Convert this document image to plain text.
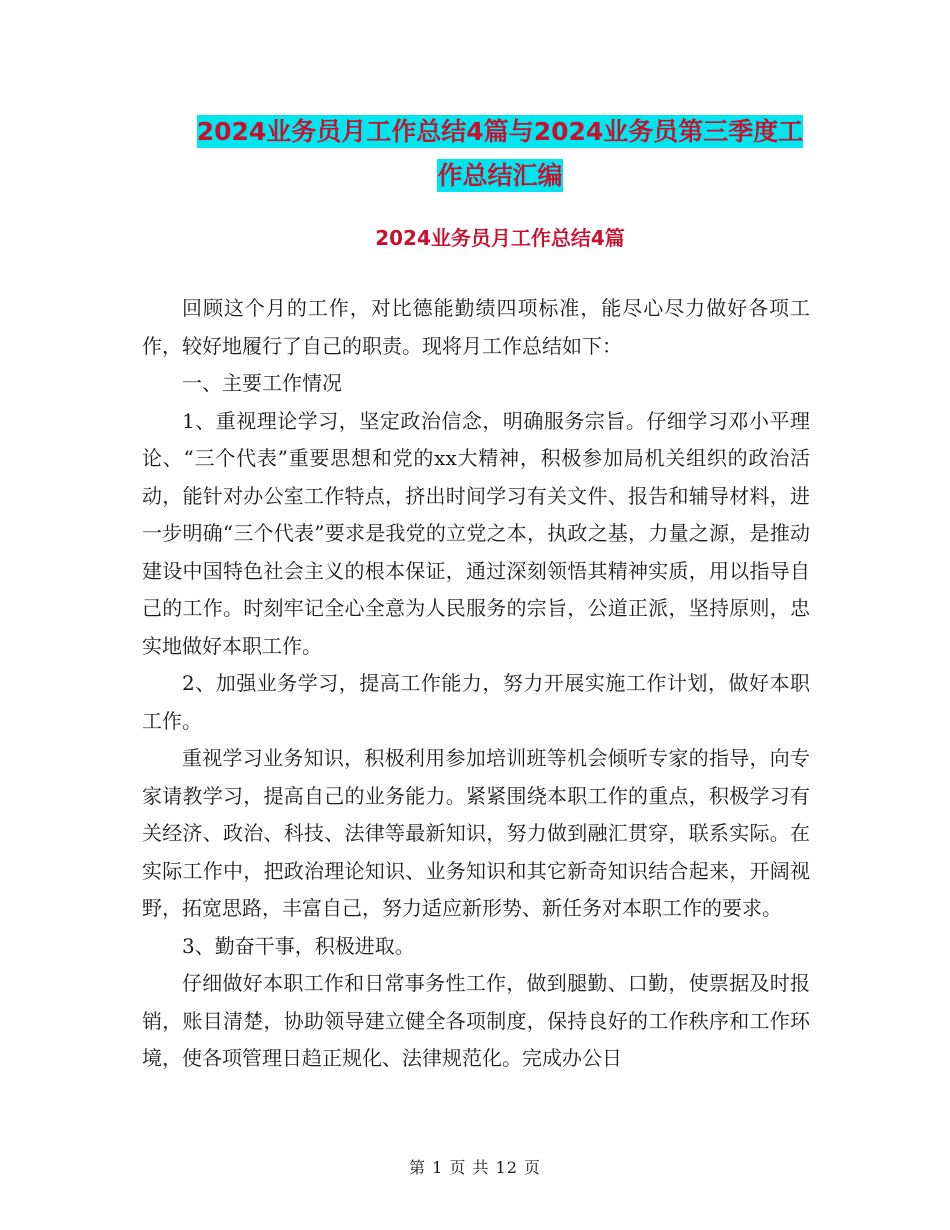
2024业务员月工作总结4篇与2024业务员第三季度工
作总结汇编
2024业务员月工作总结4篇

回顾这个月的工作，对比德能勤绩四项标准，能尽心尽力做好各项工作，较好地履行了自己的职责。现将月工作总结如下：

一、主要工作情况

1、重视理论学习，坚定政治信念，明确服务宗旨。仔细学习邓小平理论、“三个代表”重要思想和党的xx大精神，积极参加局机关组织的政治活动，能针对办公室工作特点，挤出时间学习有关文件、报告和辅导材料，进一步明确“三个代表”要求是我党的立党之本，执政之基，力量之源，是推动建设中国特色社会主义的根本保证，通过深刻领悟其精神实质，用以指导自己的工作。时刻牢记全心全意为人民服务的宗旨，公道正派，坚持原则，忠实地做好本职工作。

2、加强业务学习，提高工作能力，努力开展实施工作计划，做好本职工作。

重视学习业务知识，积极利用参加培训班等机会倾听专家的指导，向专家请教学习，提高自己的业务能力。紧紧围绕本职工作的重点，积极学习有关经济、政治、科技、法律等最新知识，努力做到融汇贯穿，联系实际。在实际工作中，把政治理论知识、业务知识和其它新奇知识结合起来，开阔视野，拓宽思路，丰富自己，努力适应新形势、新任务对本职工作的要求。

3、勤奋干事，积极进取。

仔细做好本职工作和日常事务性工作，做到腿勤、口勤，使票据及时报销，账目清楚，协助领导建立健全各项制度，保持良好的工作秩序和工作环境，使各项管理日趋正规化、法律规范化。完成办公日

第 1 页 共 12 页
